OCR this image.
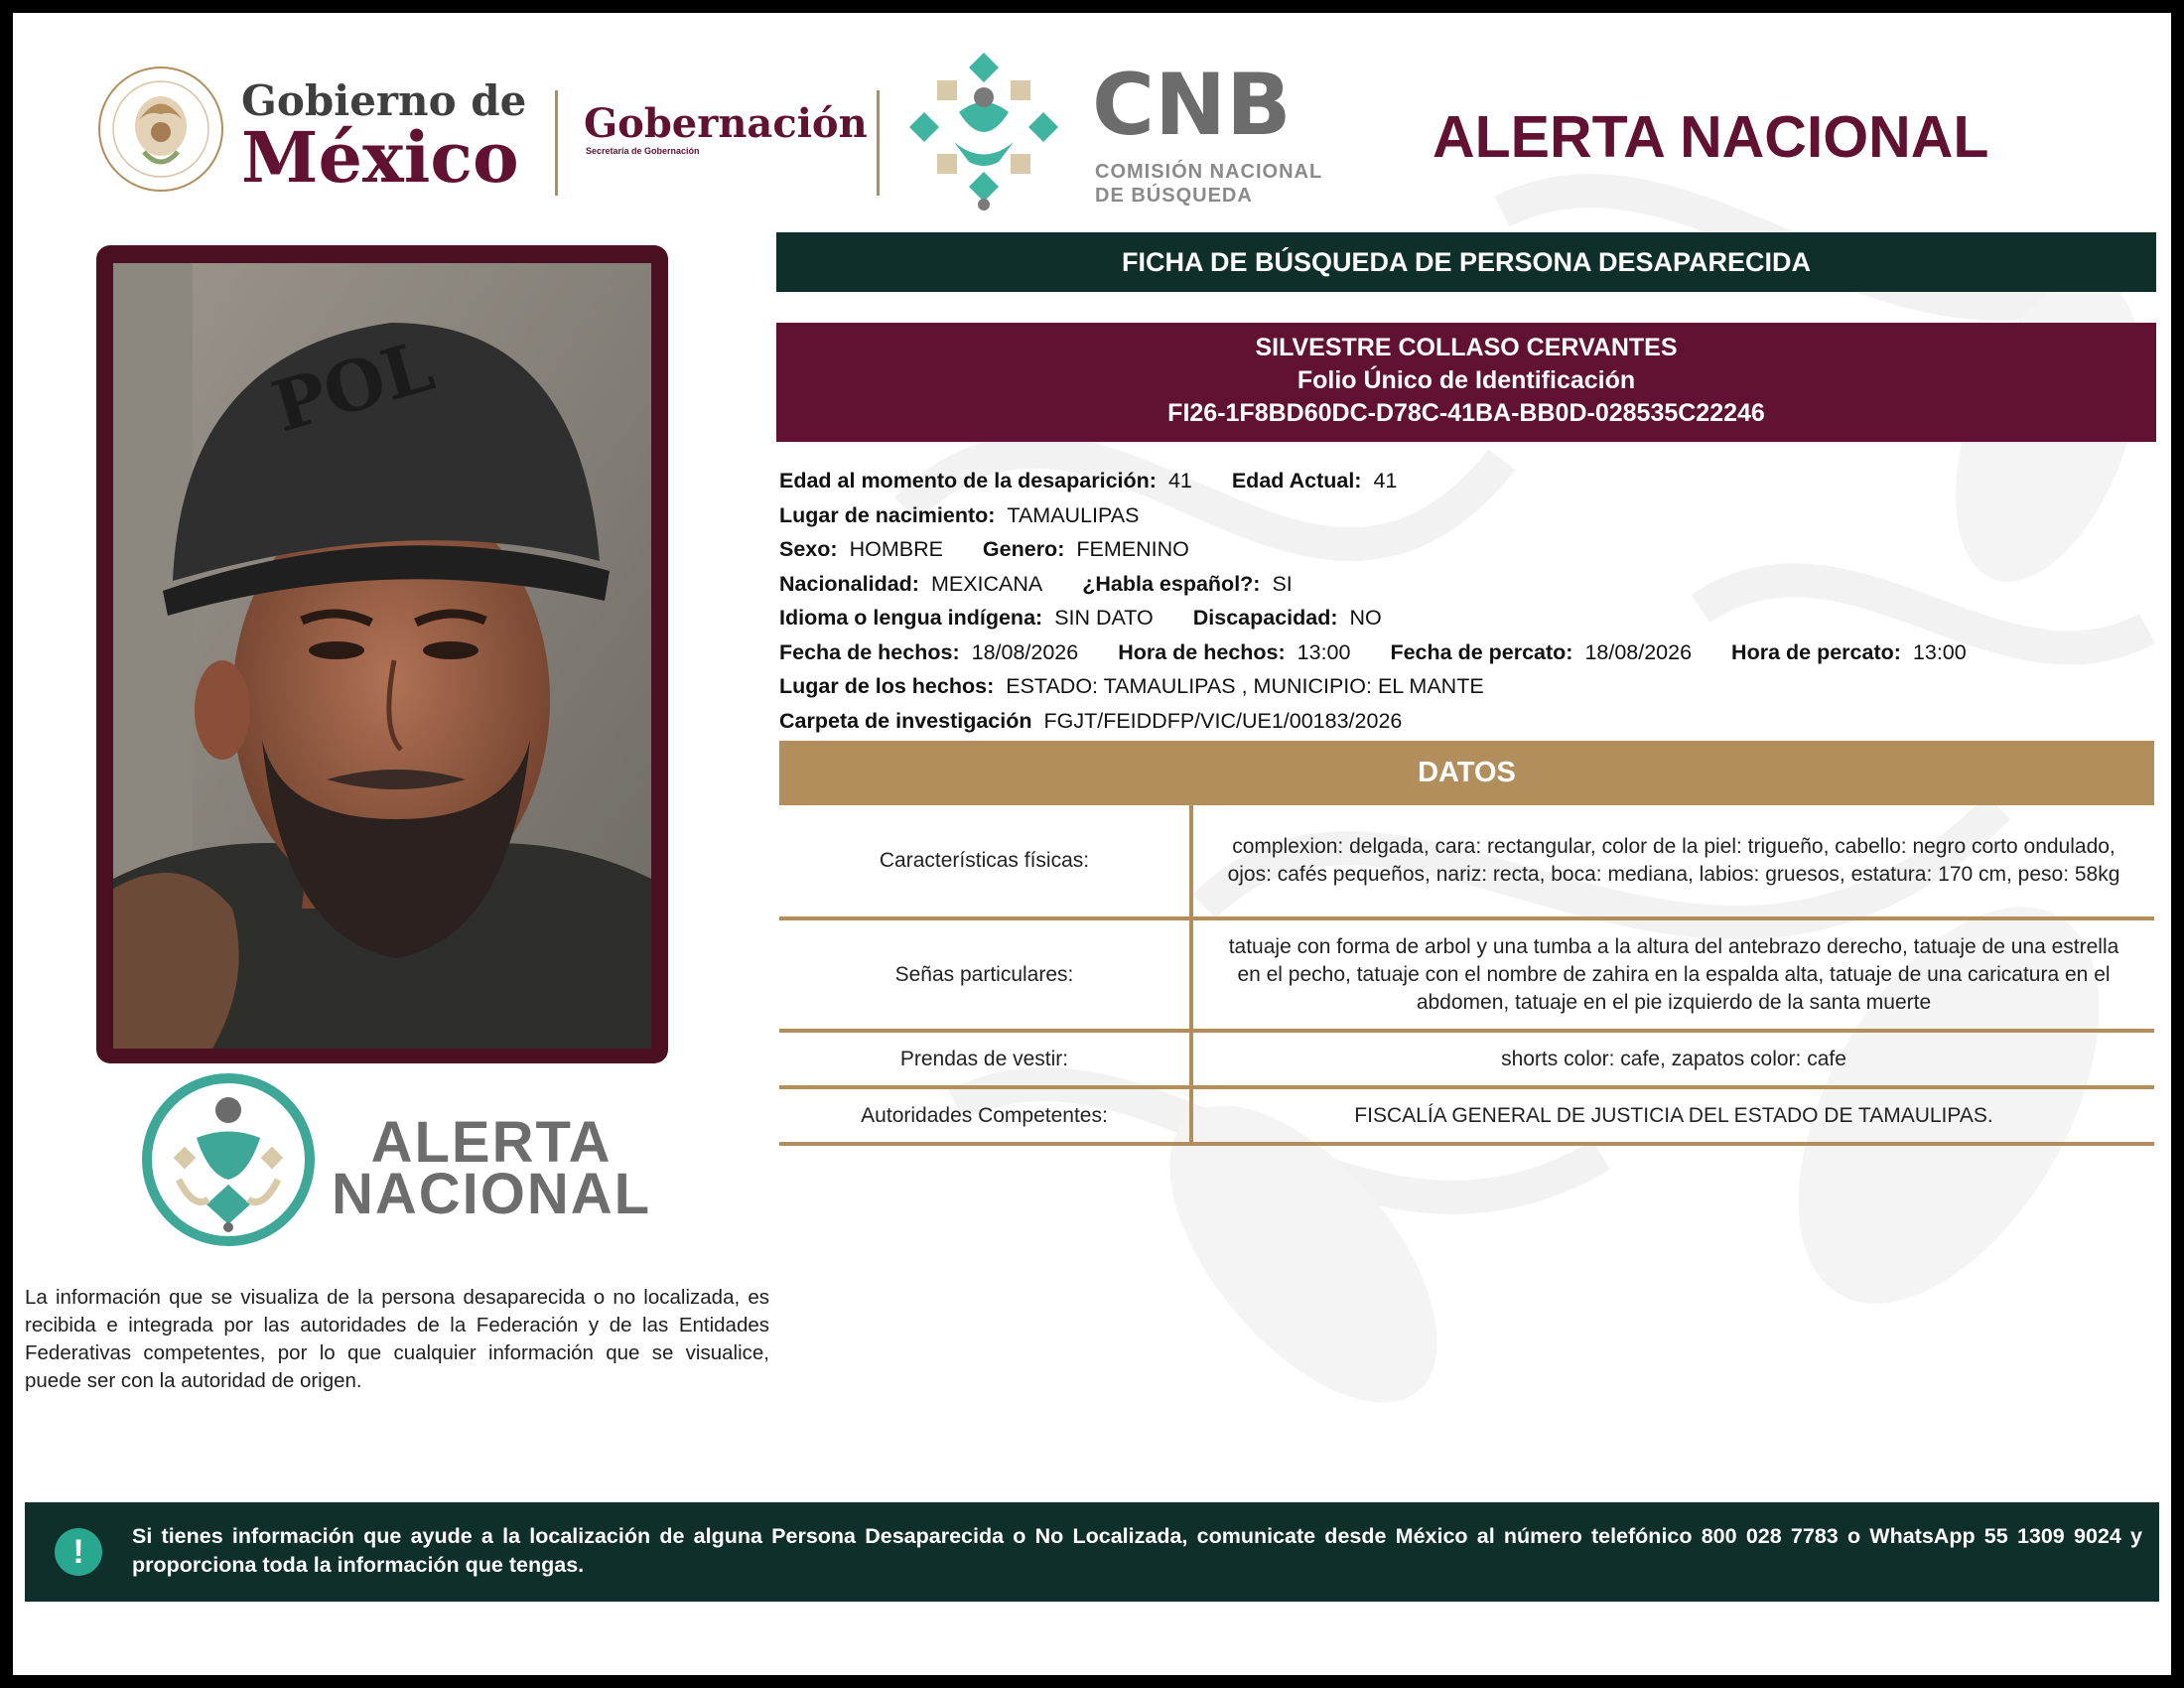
Gobierno de
México Gobernación
Secretaría de Gobernación	CNB
COMISIÓN NACIONAL
DE BÚSQUEDA
ALERTA NACIONAL
POL
ALERTA
NACIONAL
La información que se visualiza de la persona desaparecida o no localizada, es recibida e integrada por las autoridades de la Federación y de las Entidades Federativas competentes, por lo que cualquier información que se visualice, puede ser con la autoridad de origen.
FICHA DE BÚSQUEDA DE PERSONA DESAPARECIDA
SILVESTRE COLLASO CERVANTES
Folio Único de Identificación
FI26-1F8BD60DC-D78C-41BA-BB0D-028535C22246
Edad al momento de la desaparición: 41 Edad Actual: 41
Lugar de nacimiento: TAMAULIPAS
Sexo: HOMBRE Genero: FEMENINO
Nacionalidad: MEXICANA ¿Habla español?: SI
Idioma o lengua indígena: SIN DATO Discapacidad: NO
Fecha de hechos: 18/08/2026 Hora de hechos: 13:00 Fecha de percato: 18/08/2026 Hora de percato: 13:00
Lugar de los hechos: ESTADO: TAMAULIPAS , MUNICIPIO: EL MANTE
Carpeta de investigación FGJT/FEIDDFP/VIC/UE1/00183/2026
DATOS
Características físicas:
complexion: delgada, cara: rectangular, color de la piel: trigueño, cabello: negro corto ondulado, ojos: cafés pequeños, nariz: recta, boca: mediana, labios: gruesos, estatura: 170 cm, peso: 58kg
Señas particulares:
tatuaje con forma de arbol y una tumba a la altura del antebrazo derecho, tatuaje de una estrella en el pecho, tatuaje con el nombre de zahira en la espalda alta, tatuaje de una caricatura en el abdomen, tatuaje en el pie izquierdo de la santa muerte
Prendas de vestir:	shorts color: cafe, zapatos color: cafe
Autoridades Competentes:	FISCALÍA GENERAL DE JUSTICIA DEL ESTADO DE TAMAULIPAS.
!	Si tienes información que ayude a la localización de alguna Persona Desaparecida o No Localizada, comunicate desde México al número telefónico 800 028 7783 o WhatsApp 55 1309 9024 y proporciona toda la información que tengas.
